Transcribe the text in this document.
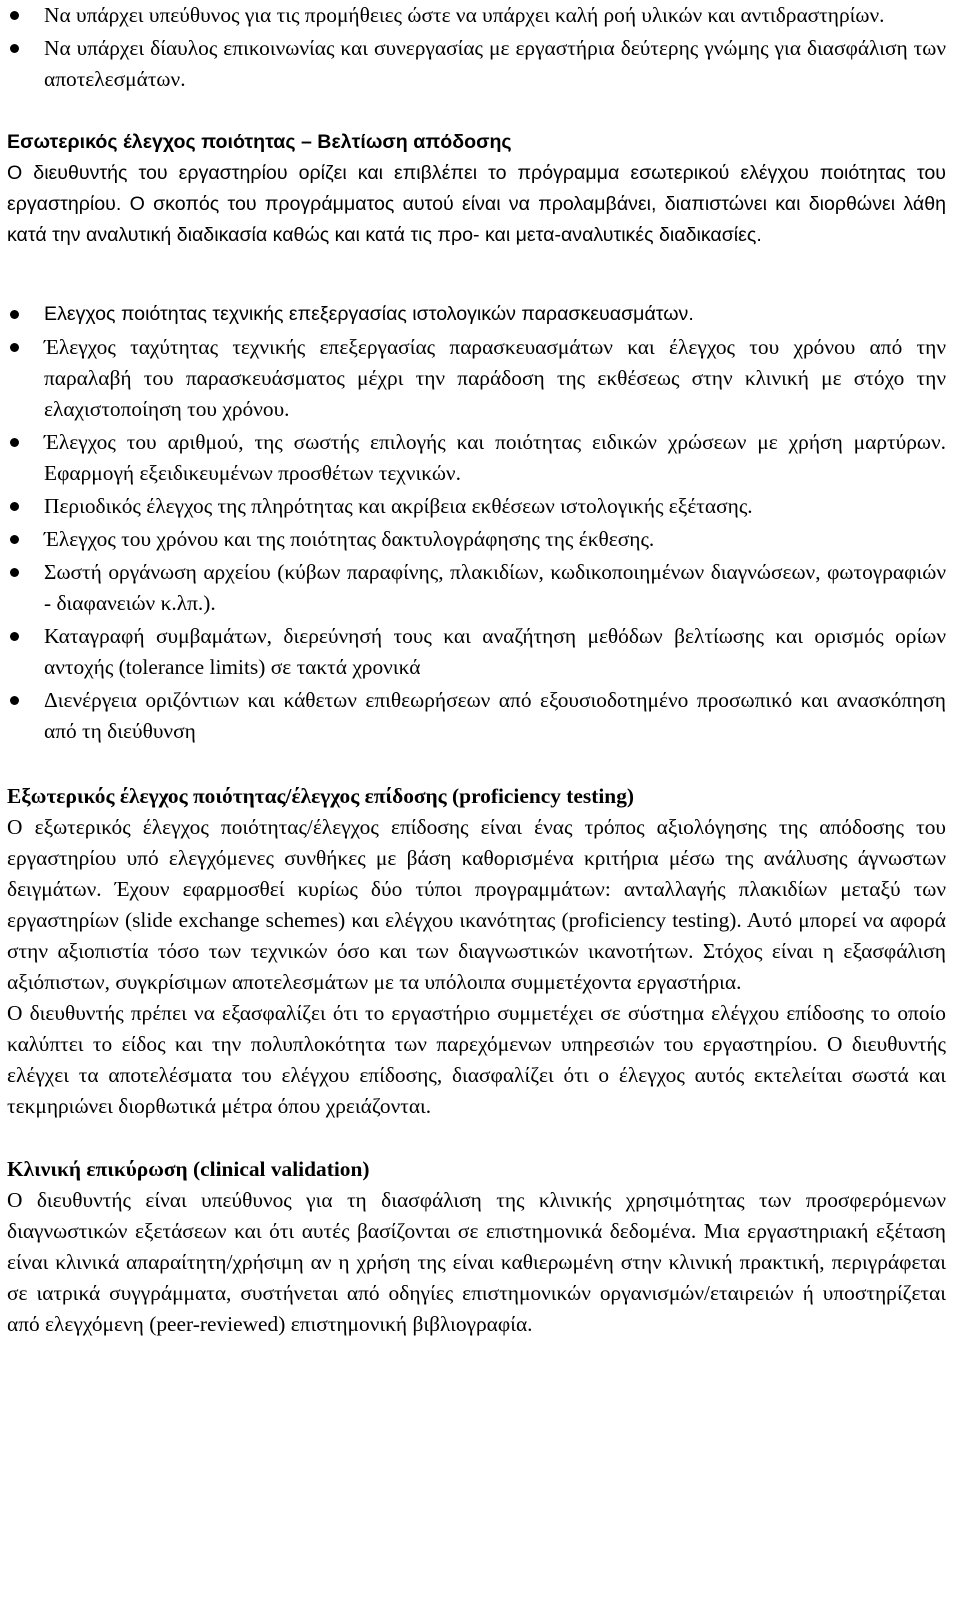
Να υπάρχει υπεύθυνος για τις προμήθειες ώστε να υπάρχει καλή ροή υλικών και αντιδραστηρίων.
Να υπάρχει δίαυλος επικοινωνίας και συνεργασίας με εργαστήρια δεύτερης γνώμης για διασφάλιση των αποτελεσμάτων.

Εσωτερικός έλεγχος ποιότητας – Βελτίωση απόδοσης

Ο διευθυντής του εργαστηρίου ορίζει και επιβλέπει το πρόγραμμα εσωτερικού ελέγχου ποιότητας του εργαστηρίου. Ο σκοπός του προγράμματος αυτού είναι να προλαμβάνει, διαπιστώνει και διορθώνει λάθη κατά την αναλυτική διαδικασία καθώς και κατά τις προ- και μετα-αναλυτικές διαδικασίες.

Ελεγχος ποιότητας τεχνικής επεξεργασίας ιστολογικών παρασκευασμάτων.
Έλεγχος ταχύτητας τεχνικής επεξεργασίας παρασκευασμάτων και έλεγχος του χρόνου από την παραλαβή του παρασκευάσματος μέχρι την παράδοση της εκθέσεως στην κλινική με στόχο την ελαχιστοποίηση του χρόνου.
Έλεγχος του αριθμού, της σωστής επιλογής και ποιότητας ειδικών χρώσεων με χρήση μαρτύρων. Εφαρμογή εξειδικευμένων προσθέτων τεχνικών.
Περιοδικός έλεγχος της πληρότητας και ακρίβεια εκθέσεων ιστολογικής εξέτασης.
Έλεγχος του χρόνου και της ποιότητας δακτυλογράφησης της έκθεσης.
Σωστή οργάνωση αρχείου (κύβων παραφίνης, πλακιδίων, κωδικοποιημένων διαγνώσεων, φωτογραφιών - διαφανειών κ.λπ.).
Καταγραφή συμβαμάτων, διερεύνησή τους και αναζήτηση μεθόδων βελτίωσης και ορισμός ορίων αντοχής (tolerance limits) σε τακτά χρονικά
Διενέργεια οριζόντιων και κάθετων επιθεωρήσεων από εξουσιοδοτημένο προσωπικό και ανασκόπηση από τη διεύθυνση

Εξωτερικός έλεγχος ποιότητας/έλεγχος επίδοσης (proficiency testing)

Ο εξωτερικός έλεγχος ποιότητας/έλεγχος επίδοσης είναι ένας τρόπος αξιολόγησης της απόδοσης του εργαστηρίου υπό ελεγχόμενες συνθήκες με βάση καθορισμένα κριτήρια μέσω της ανάλυσης άγνωστων δειγμάτων. Έχουν εφαρμοσθεί κυρίως δύο τύποι προγραμμάτων: ανταλλαγής πλακιδίων μεταξύ των εργαστηρίων (slide exchange schemes) και ελέγχου ικανότητας (proficiency testing). Αυτό μπορεί να αφορά στην αξιοπιστία τόσο των τεχνικών όσο και των διαγνωστικών ικανοτήτων. Στόχος είναι η εξασφάλιση αξιόπιστων, συγκρίσιμων αποτελεσμάτων με τα υπόλοιπα συμμετέχοντα εργαστήρια.

Ο διευθυντής πρέπει να εξασφαλίζει ότι το εργαστήριο συμμετέχει σε σύστημα ελέγχου επίδοσης το οποίο καλύπτει το είδος και την πολυπλοκότητα των παρεχόμενων υπηρεσιών του εργαστηρίου. Ο διευθυντής ελέγχει τα αποτελέσματα του ελέγχου επίδοσης, διασφαλίζει ότι ο έλεγχος αυτός εκτελείται σωστά και τεκμηριώνει διορθωτικά μέτρα όπου χρειάζονται.

Κλινική επικύρωση (clinical validation)

Ο διευθυντής είναι υπεύθυνος για τη διασφάλιση της κλινικής χρησιμότητας των προσφερόμενων διαγνωστικών εξετάσεων και ότι αυτές βασίζονται σε επιστημονικά δεδομένα. Μια εργαστηριακή εξέταση είναι κλινικά απαραίτητη/χρήσιμη αν η χρήση της είναι καθιερωμένη στην κλινική πρακτική, περιγράφεται σε ιατρικά συγγράμματα, συστήνεται από οδηγίες επιστημονικών οργανισμών/εταιρειών ή υποστηρίζεται από ελεγχόμενη (peer-reviewed) επιστημονική βιβλιογραφία.
